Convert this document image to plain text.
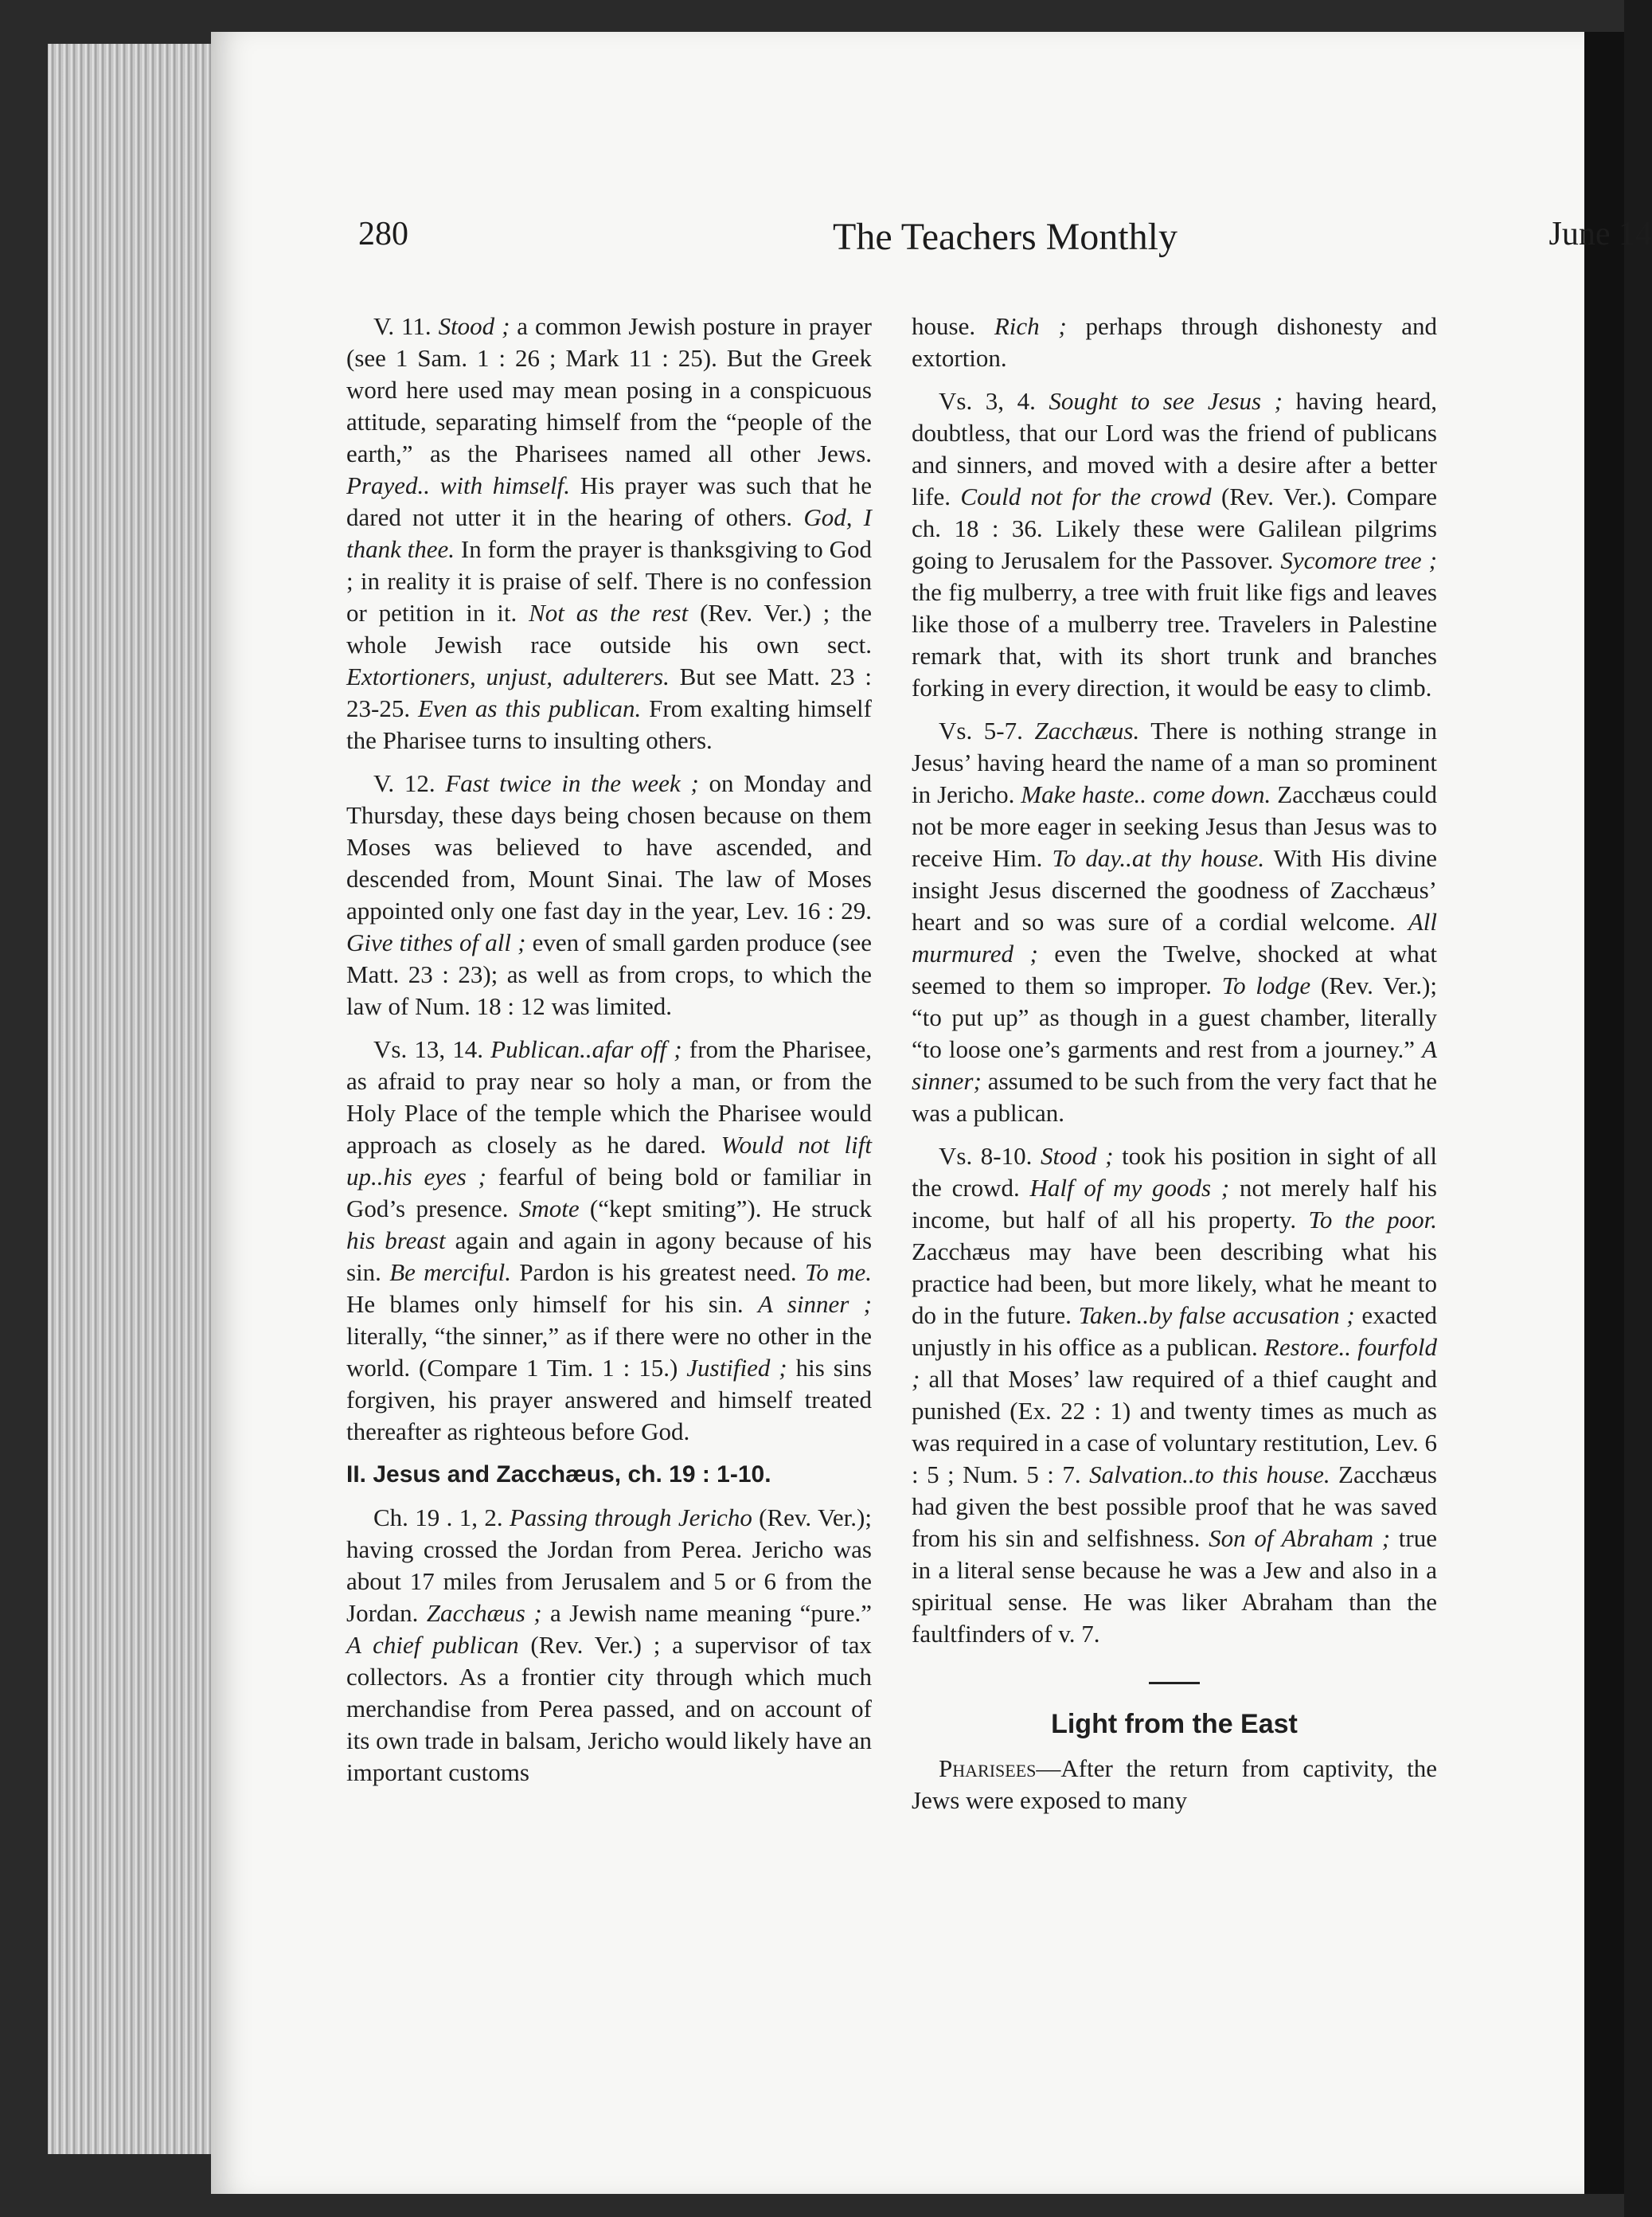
280	The Teachers Monthly	June 14

V. 11. Stood ; a common Jewish posture in prayer (see 1 Sam. 1 : 26 ; Mark 11 : 25). But the Greek word here used may mean posing in a conspicuous attitude, separating himself from the “people of the earth,” as the Pharisees named all other Jews. Prayed.. with himself. His prayer was such that he dared not utter it in the hearing of others. God, I thank thee. In form the prayer is thanksgiving to God ; in reality it is praise of self. There is no confession or petition in it. Not as the rest (Rev. Ver.) ; the whole Jewish race outside his own sect. Extortioners, unjust, adulterers. But see Matt. 23 : 23-25. Even as this publican. From exalting himself the Pharisee turns to insulting others.

V. 12. Fast twice in the week ; on Monday and Thursday, these days being chosen because on them Moses was believed to have ascended, and descended from, Mount Sinai. The law of Moses appointed only one fast day in the year, Lev. 16 : 29. Give tithes of all ; even of small garden produce (see Matt. 23 : 23); as well as from crops, to which the law of Num. 18 : 12 was limited.

Vs. 13, 14. Publican..afar off ; from the Pharisee, as afraid to pray near so holy a man, or from the Holy Place of the temple which the Pharisee would approach as closely as he dared. Would not lift up..his eyes ; fearful of being bold or familiar in God’s presence. Smote (“kept smiting”). He struck his breast again and again in agony because of his sin. Be merciful. Pardon is his greatest need. To me. He blames only himself for his sin. A sinner ; literally, “the sinner,” as if there were no other in the world. (Compare 1 Tim. 1 : 15.) Justified ; his sins forgiven, his prayer answered and himself treated thereafter as righteous before God.

II. Jesus and Zacchæus, ch. 19 : 1-10.

Ch. 19 . 1, 2. Passing through Jericho (Rev. Ver.); having crossed the Jordan from Perea. Jericho was about 17 miles from Jerusalem and 5 or 6 from the Jordan. Zacchæus ; a Jewish name meaning “pure.” A chief publican (Rev. Ver.) ; a supervisor of tax collectors. As a frontier city through which much merchandise from Perea passed, and on account of its own trade in balsam, Jericho would likely have an important customs

house. Rich ; perhaps through dishonesty and extortion.

Vs. 3, 4. Sought to see Jesus ; having heard, doubtless, that our Lord was the friend of publicans and sinners, and moved with a desire after a better life. Could not for the crowd (Rev. Ver.). Compare ch. 18 : 36. Likely these were Galilean pilgrims going to Jerusalem for the Passover. Sycomore tree ; the fig mulberry, a tree with fruit like figs and leaves like those of a mulberry tree. Travelers in Palestine remark that, with its short trunk and branches forking in every direction, it would be easy to climb.

Vs. 5-7. Zacchæus. There is nothing strange in Jesus’ having heard the name of a man so prominent in Jericho. Make haste.. come down. Zacchæus could not be more eager in seeking Jesus than Jesus was to receive Him. To day..at thy house. With His divine insight Jesus discerned the goodness of Zacchæus’ heart and so was sure of a cordial welcome. All murmured ; even the Twelve, shocked at what seemed to them so improper. To lodge (Rev. Ver.); “to put up” as though in a guest chamber, literally “to loose one’s garments and rest from a journey.” A sinner; assumed to be such from the very fact that he was a publican.

Vs. 8-10. Stood ; took his position in sight of all the crowd. Half of my goods ; not merely half his income, but half of all his property. To the poor. Zacchæus may have been describing what his practice had been, but more likely, what he meant to do in the future. Taken..by false accusation ; exacted unjustly in his office as a publican. Restore.. fourfold ; all that Moses’ law required of a thief caught and punished (Ex. 22 : 1) and twenty times as much as was required in a case of voluntary restitution, Lev. 6 : 5 ; Num. 5 : 7. Salvation..to this house. Zacchæus had given the best possible proof that he was saved from his sin and selfishness. Son of Abraham ; true in a literal sense because he was a Jew and also in a spiritual sense. He was liker Abraham than the faultfinders of v. 7.

Light from the East

Pharisees—After the return from captivity, the Jews were exposed to many
